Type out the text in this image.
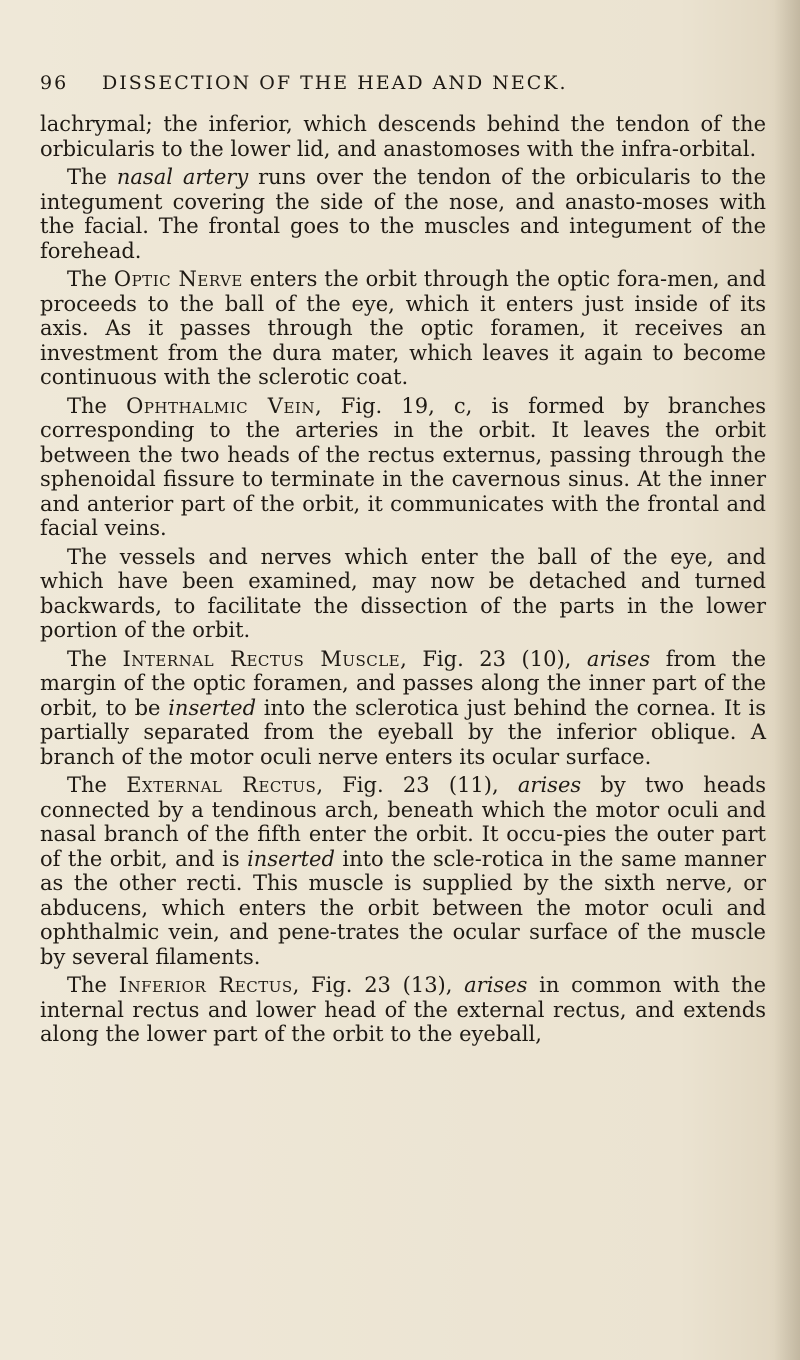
96 DISSECTION OF THE HEAD AND NECK.

lachrymal; the inferior, which descends behind the tendon of the orbicularis to the lower lid, and anastomoses with the infra-orbital.

The nasal artery runs over the tendon of the orbicularis to the integument covering the side of the nose, and anasto-moses with the facial. The frontal goes to the muscles and integument of the forehead.

The Optic Nerve enters the orbit through the optic fora-men, and proceeds to the ball of the eye, which it enters just inside of its axis. As it passes through the optic foramen, it receives an investment from the dura mater, which leaves it again to become continuous with the sclerotic coat.

The Ophthalmic Vein, Fig. 19, c, is formed by branches corresponding to the arteries in the orbit. It leaves the orbit between the two heads of the rectus externus, passing through the sphenoidal fissure to terminate in the cavernous sinus. At the inner and anterior part of the orbit, it communicates with the frontal and facial veins.

The vessels and nerves which enter the ball of the eye, and which have been examined, may now be detached and turned backwards, to facilitate the dissection of the parts in the lower portion of the orbit.

The Internal Rectus Muscle, Fig. 23 (10), arises from the margin of the optic foramen, and passes along the inner part of the orbit, to be inserted into the sclerotica just behind the cornea. It is partially separated from the eyeball by the inferior oblique. A branch of the motor oculi nerve enters its ocular surface.

The External Rectus, Fig. 23 (11), arises by two heads connected by a tendinous arch, beneath which the motor oculi and nasal branch of the fifth enter the orbit. It occu-pies the outer part of the orbit, and is inserted into the scle-rotica in the same manner as the other recti. This muscle is supplied by the sixth nerve, or abducens, which enters the orbit between the motor oculi and ophthalmic vein, and pene-trates the ocular surface of the muscle by several filaments.

The Inferior Rectus, Fig. 23 (13), arises in common with the internal rectus and lower head of the external rectus, and extends along the lower part of the orbit to the eyeball,
